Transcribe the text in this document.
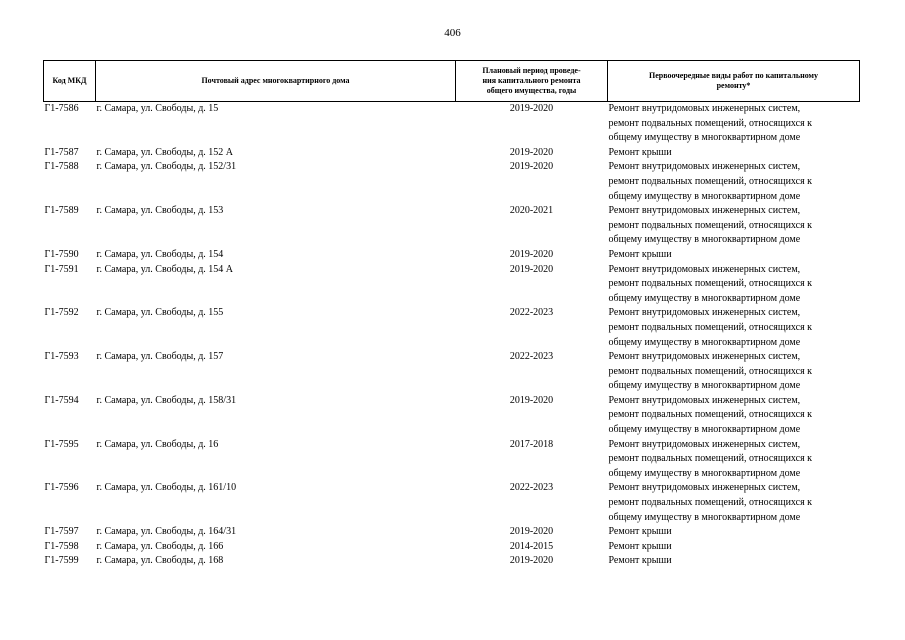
406
Код МКД	Почтовый адрес многоквартирного дома	Плановый период проведе-
ния капитального ремонта
общего имущества, годы	Первоочередные виды работ по капитальному
ремонту*

Г1-7586	г. Самара, ул. Свободы, д. 15	2019-2020	Ремонт внутридомовых инженерных систем,
ремонт подвальных помещений, относящихся к
общему имуществу в многоквартирном доме

Г1-7587	г. Самара, ул. Свободы, д. 152 А	2019-2020	Ремонт крыши

Г1-7588	г. Самара, ул. Свободы, д. 152/31	2019-2020	Ремонт внутридомовых инженерных систем,
ремонт подвальных помещений, относящихся к
общему имуществу в многоквартирном доме

Г1-7589	г. Самара, ул. Свободы, д. 153	2020-2021	Ремонт внутридомовых инженерных систем,
ремонт подвальных помещений, относящихся к
общему имуществу в многоквартирном доме

Г1-7590	г. Самара, ул. Свободы, д. 154	2019-2020	Ремонт крыши

Г1-7591	г. Самара, ул. Свободы, д. 154 А	2019-2020	Ремонт внутридомовых инженерных систем,
ремонт подвальных помещений, относящихся к
общему имуществу в многоквартирном доме

Г1-7592	г. Самара, ул. Свободы, д. 155	2022-2023	Ремонт внутридомовых инженерных систем,
ремонт подвальных помещений, относящихся к
общему имуществу в многоквартирном доме

Г1-7593	г. Самара, ул. Свободы, д. 157	2022-2023	Ремонт внутридомовых инженерных систем,
ремонт подвальных помещений, относящихся к
общему имуществу в многоквартирном доме

Г1-7594	г. Самара, ул. Свободы, д. 158/31	2019-2020	Ремонт внутридомовых инженерных систем,
ремонт подвальных помещений, относящихся к
общему имуществу в многоквартирном доме

Г1-7595	г. Самара, ул. Свободы, д. 16	2017-2018	Ремонт внутридомовых инженерных систем,
ремонт подвальных помещений, относящихся к
общему имуществу в многоквартирном доме

Г1-7596	г. Самара, ул. Свободы, д. 161/10	2022-2023	Ремонт внутридомовых инженерных систем,
ремонт подвальных помещений, относящихся к
общему имуществу в многоквартирном доме

Г1-7597	г. Самара, ул. Свободы, д. 164/31	2019-2020	Ремонт крыши

Г1-7598	г. Самара, ул. Свободы, д. 166	2014-2015	Ремонт крыши

Г1-7599	г. Самара, ул. Свободы, д. 168	2019-2020	Ремонт крыши
